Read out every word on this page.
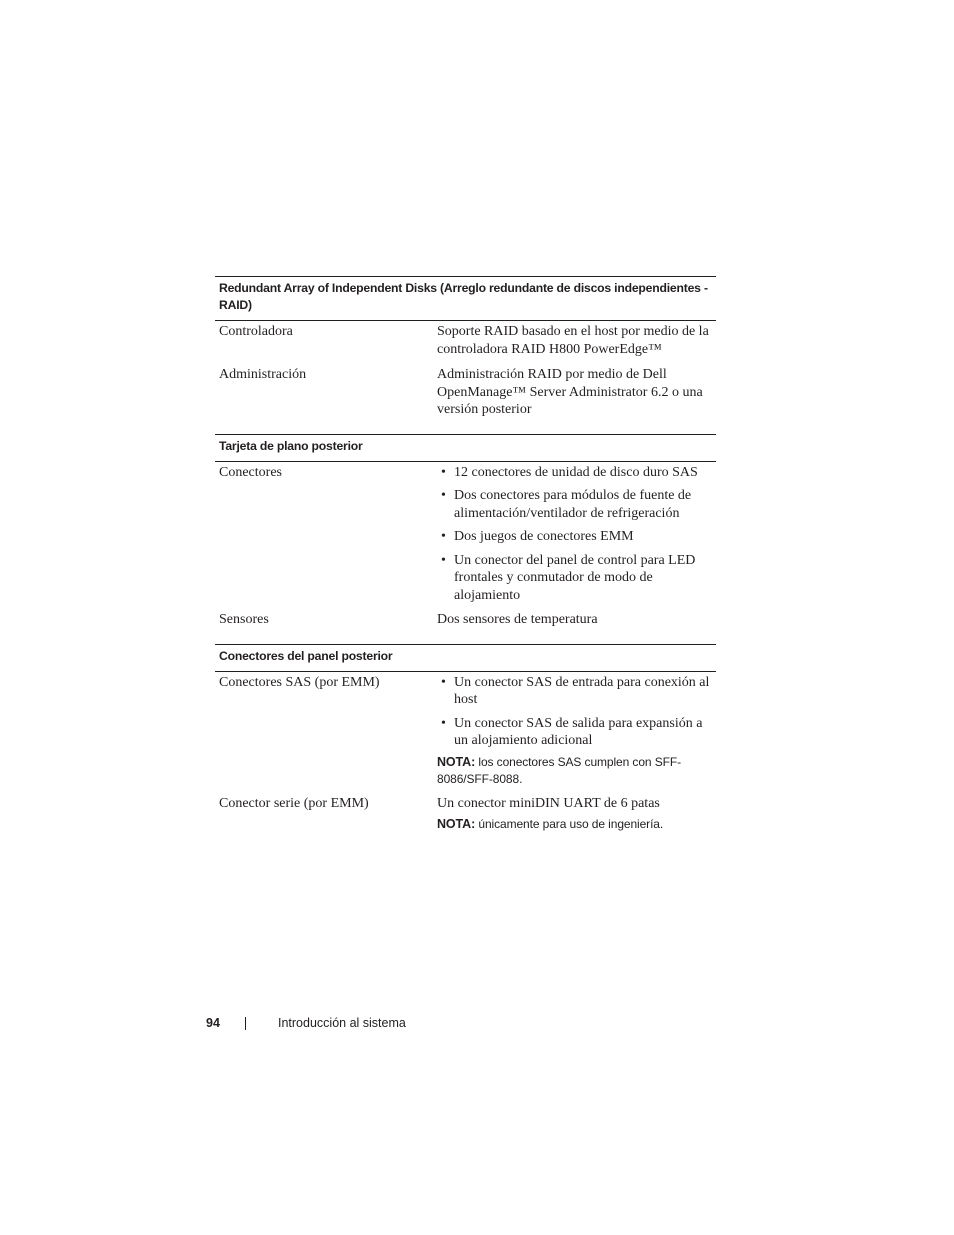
Redundant Array of Independent Disks (Arreglo redundante de discos independientes - RAID)
Controladora	Soporte RAID basado en el host por medio de la controladora RAID H800 PowerEdge™
Administración	Administración RAID por medio de Dell OpenManage™ Server Administrator 6.2 o una versión posterior
Tarjeta de plano posterior
Conectores	• 12 conectores de unidad de disco duro SAS
• Dos conectores para módulos de fuente de alimentación/ventilador de refrigeración
• Dos juegos de conectores EMM
• Un conector del panel de control para LED frontales y conmutador de modo de alojamiento
Sensores	Dos sensores de temperatura
Conectores del panel posterior
Conectores SAS (por EMM)	• Un conector SAS de entrada para conexión al host
• Un conector SAS de salida para expansión a un alojamiento adicional
NOTA: los conectores SAS cumplen con SFF-8086/SFF-8088.
Conector serie (por EMM)	Un conector miniDIN UART de 6 patas
NOTA: únicamente para uso de ingeniería.
94	Introducción al sistema
